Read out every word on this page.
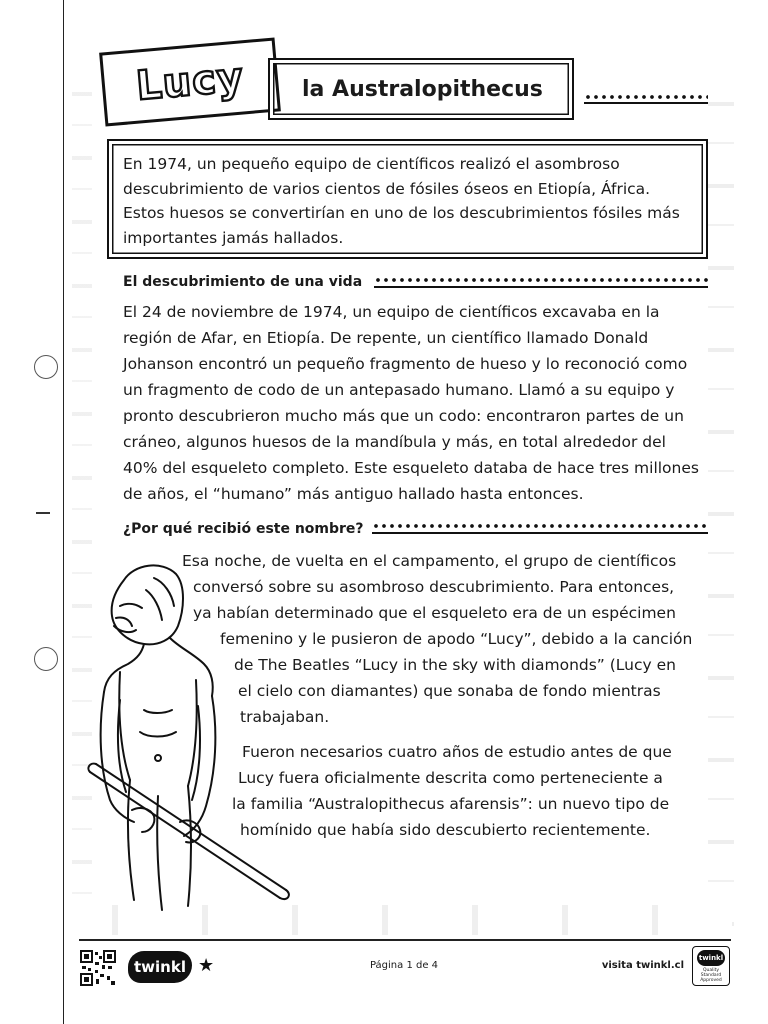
Lucy	la Australopithecus

En 1974, un pequeño equipo de científicos realizó el asombroso descubrimiento de varios cientos de fósiles óseos en Etiopía, África. Estos huesos se convertirían en uno de los descubrimientos fósiles más importantes jamás hallados.

El descubrimiento de una vida

El 24 de noviembre de 1974, un equipo de científicos excavaba en la región de Afar, en Etiopía. De repente, un científico llamado Donald Johanson encontró un pequeño fragmento de hueso y lo reconoció como un fragmento de codo de un antepasado humano. Llamó a su equipo y pronto descubrieron mucho más que un codo: encontraron partes de un cráneo, algunos huesos de la mandíbula y más, en total alrededor del 40% del esqueleto completo. Este esqueleto databa de hace tres millones de años, el “humano” más antiguo hallado hasta entonces.

¿Por qué recibió este nombre?
Esa noche, de vuelta en el campamento, el grupo de científicos
conversó sobre su asombroso descubrimiento. Para entonces,
ya habían determinado que el esqueleto era de un espécimen
femenino y le pusieron de apodo “Lucy”, debido a la canción
de The Beatles “Lucy in the sky with diamonds” (Lucy en
el cielo con diamantes) que sonaba de fondo mientras
trabajaban.
Fueron necesarios cuatro años de estudio antes de que
Lucy fuera oficialmente descrita como perteneciente a
la familia “Australopithecus afarensis”: un nuevo tipo de
homínido que había sido descubierto recientemente.
twinkl ★	Página 1 de 4	visita twinkl.cl
twinkl
Quality Standard Approved
